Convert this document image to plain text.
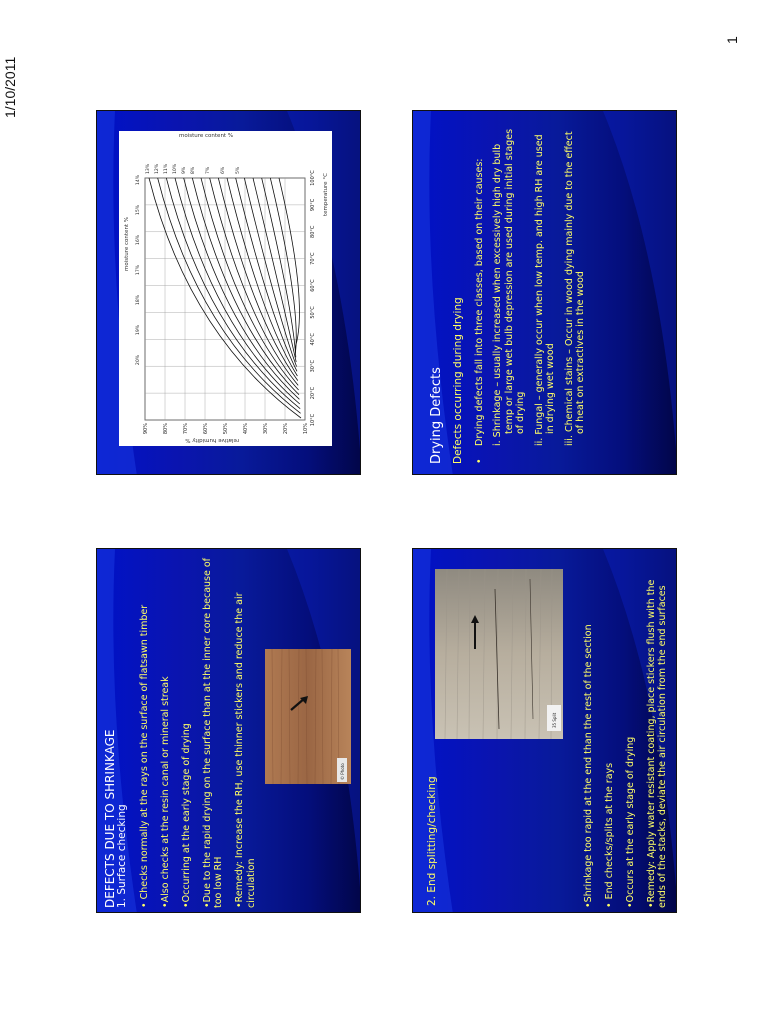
1/10/2011
1
moisture content %
relative humidity %
temperature °C
moisture content %
90%	80%	70%	60%	50%	40%	30%	20%	10%
10°C
20°C
30°C
40°C
50°C
60°C
70°C
80°C
90°C
100°C
20%
19%
18%
17%
16%
15%
14%
13% 12% 11% 10% 9% 8% 7% 6% 5%
Drying Defects Defects occurring during drying •
Drying defects fall into three classes, based on their causes: i. Shrinkage – usually increased when excessively high dry bulb temp or large wet bulb depression are used during initial stages of drying ii. Fungal – generally occur when low temp. and high RH are used in drying wet wood iii. Chemical stains – Occur in wood dying mainly due to the effect of heat on extractives in the wood
DEFECTS DUE TO SHRINKAGE 1. Surface checking • Checks normally at the rays on the surface of flatsawn timber •Also checks at the resin canal or mineral streak •Occurring at the early stage of drying •Due to the rapid drying on the surface than at the inner core because of too low RH •Remedy: Increase the RH, use thinner stickers and reduce the air circulation

© Photo
2. End splitting/checking
35 Split	•Shrinkage too rapid at the end than the rest of the section • End checks/splits at the rays •Occurs at the early stage of drying •Remedy: Apply water resistant coating, place stickers flush with the ends of the stacks, deviate the air circulation from the end surfaces
